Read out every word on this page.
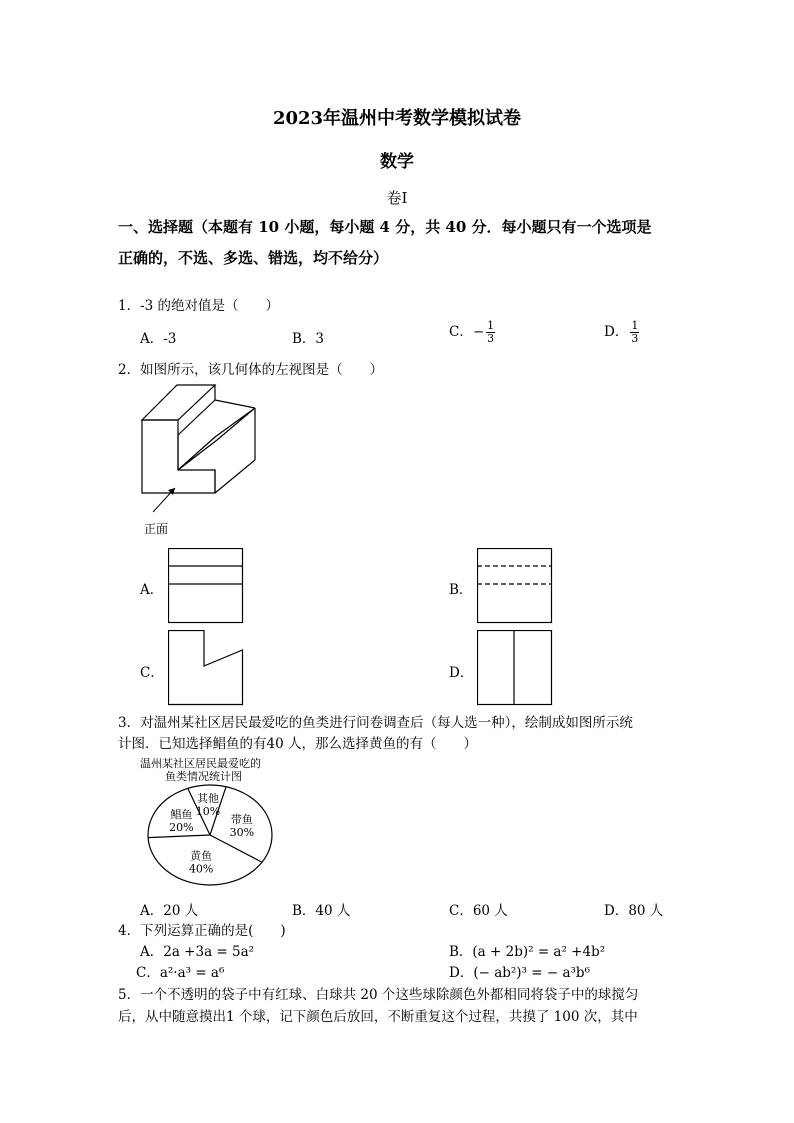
2023年温州中考数学模拟试卷
数学
卷Ⅰ
一、选择题（本题有 10 小题，每小题 4 分，共 40 分．每小题只有一个选项是
正确的，不选、多选、错选，均不给分）
1．-3 的绝对值是（　　）
A．-3	B．3	C．− $\frac{1}{3}$	D． $\frac{1}{3}$
2．如图所示，该几何体的左视图是（　　）
正面
A．	B．
C．	D．
3．对温州某社区居民最爱吃的鱼类进行问卷调查后（每人选一种），绘制成如图所示统
计图．已知选择鲳鱼的有40 人，那么选择黄鱼的有（　　）
温州某社区居民最爱吃的
鱼类情况统计图
带鱼
30%
黄鱼
40%
鲳鱼
20%
其他
10%
A．20 人	B．40 人	C．60 人	D．80 人
4．下列运算正确的是(　　)
A．2a +3a = 5a²	B．(a + 2b)² = a² +4b²
C．a²·a³ = a⁶	D．(− ab²)³ = − a³b⁶
5．一个不透明的袋子中有红球、白球共 20 个这些球除颜色外都相同将袋子中的球搅匀
后，从中随意摸出1 个球，记下颜色后放回，不断重复这个过程，共摸了 100 次，其中
